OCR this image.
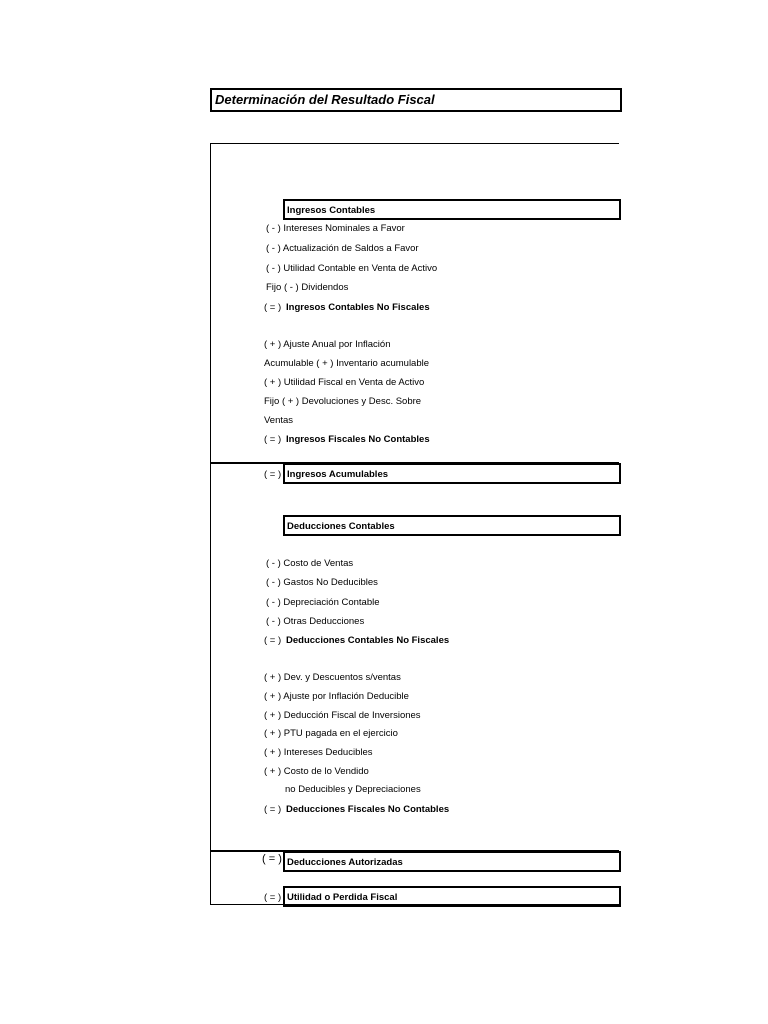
Determinación del Resultado Fiscal
Ingresos Contables
( - ) Intereses Nominales a Favor
( - ) Actualización de Saldos a Favor
( - ) Utilidad Contable en Venta de Activo
Fijo ( - ) Dividendos
( = ) Ingresos Contables No Fiscales
( + ) Ajuste Anual por Inflación
Acumulable ( + ) Inventario acumulable
( + ) Utilidad Fiscal en Venta de Activo
Fijo ( + ) Devoluciones y Desc. Sobre
Ventas
( = ) Ingresos Fiscales No Contables
( = ) Ingresos Acumulables
Deducciones Contables
( - ) Costo de Ventas
( - ) Gastos No Deducibles
( - ) Depreciación Contable
( - ) Otras Deducciones
( = ) Deducciones Contables No Fiscales
( + ) Dev. y Descuentos s/ventas
( + ) Ajuste por Inflación Deducible
( + ) Deducción Fiscal de Inversiones
( + ) PTU pagada en el ejercicio
( + ) Intereses Deducibles
( + ) Costo de lo Vendido
no Deducibles y Depreciaciones
( = ) Deducciones Fiscales No Contables
( = ) Deducciones Autorizadas
( = ) Utilidad o Perdida Fiscal
